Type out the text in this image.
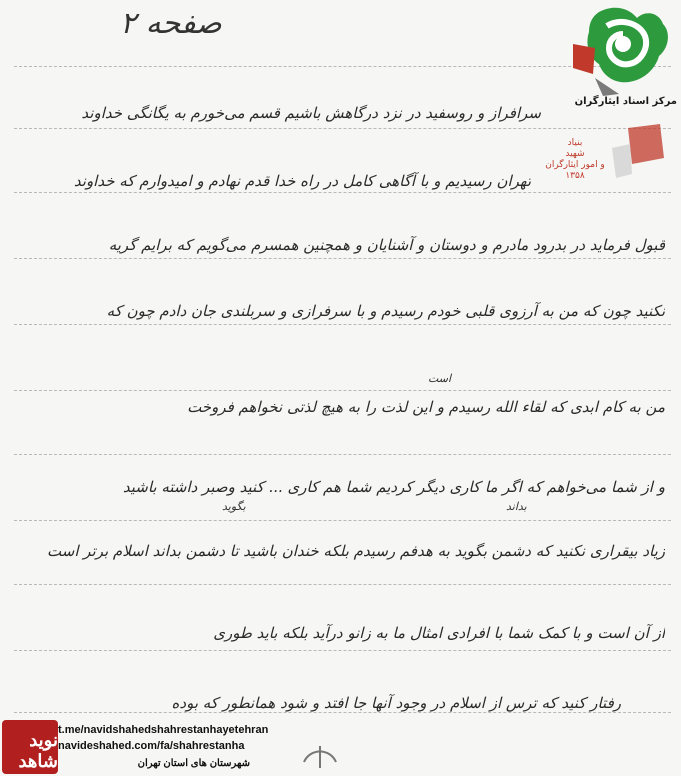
صفحه ۲
مرکز اسناد ایثارگران
بنیاد
شهید
و امور ایثارگران
۱۳۵۸
است
بگوید	بداند
سرافراز و روسفید در نزد درگاهش باشیم قسم می‌خورم به یگانگی خداوند
تهران رسیدیم و با آگاهی کامل در راه خدا قدم نهادم و امیدوارم که خداوند
قبول فرماید در بدرود مادرم و دوستان و آشنایان و همچنین همسرم می‌گویم که برایم گریه
نکنید چون که من به آرزوی قلبی خودم رسیدم و با سرفرازی و سربلندی جان دادم چون که
من به کام ابدی که لقاء الله رسیدم و این لذت را به هیچ لذتی نخواهم فروخت
و از شما می‌خواهم که اگر ما کاری دیگر کردیم شما هم کاری ... کنید وصبر داشته باشید
زیاد بیقراری نکنید که دشمن بگوید به هدفم رسیدم بلکه خندان باشید تا دشمن بداند اسلام برتر است
از آن است و با کمک شما با افرادی امثال ما به زانو درآید بلکه باید طوری
رفتار کنید که ترس از اسلام در وجود آنها جا افتد و شود همانطور که بوده
نوید شاهد
t.me/navidshahedshahrestanhayetehran
navideshahed.com/fa/shahrestanha
شهرستان های استان تهران
